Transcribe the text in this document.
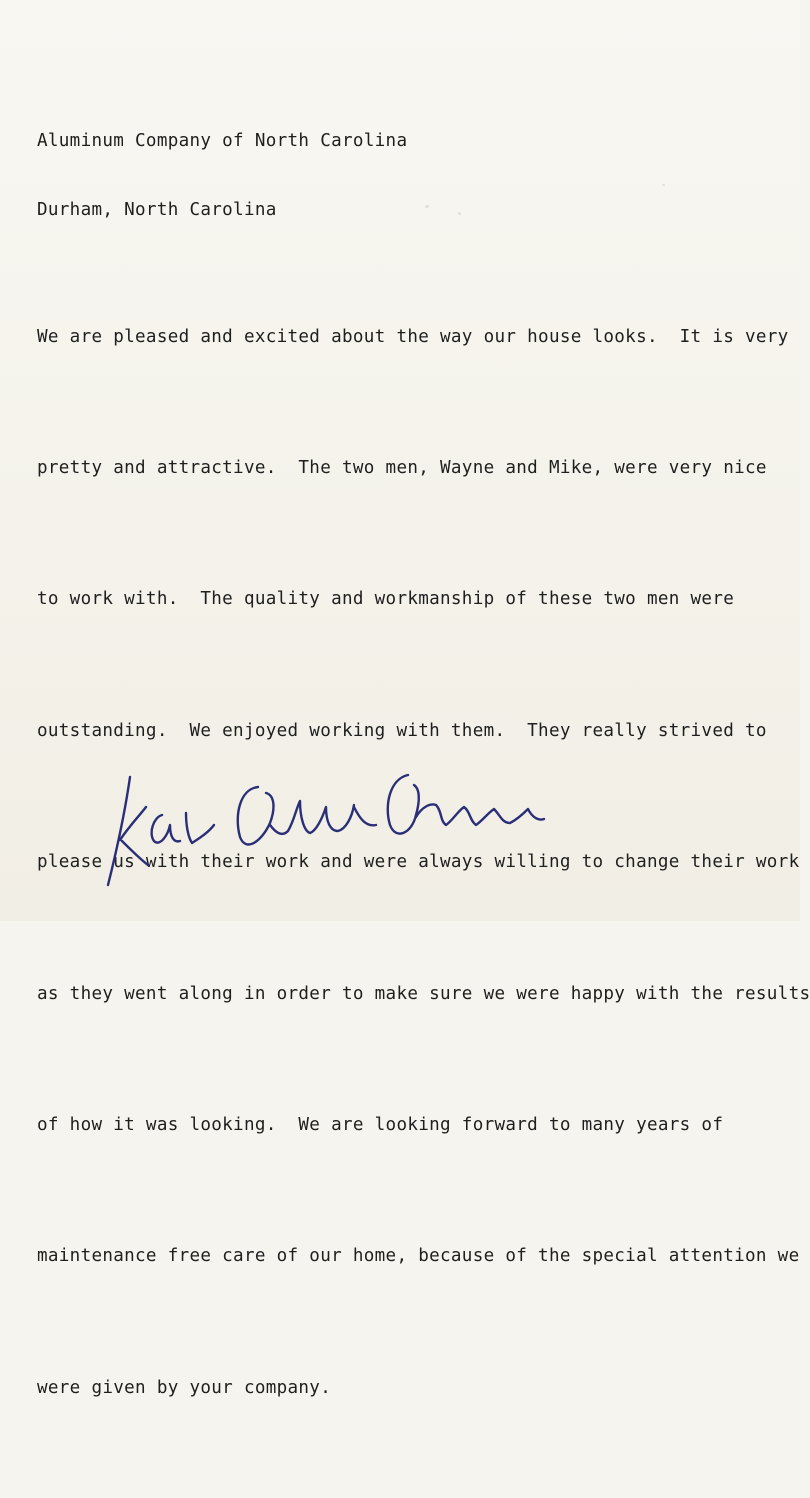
Aluminum Company of North Carolina

Durham, North Carolina

We are pleased and excited about the way our house looks.  It is very

pretty and attractive.  The two men, Wayne and Mike, were very nice

to work with.  The quality and workmanship of these two men were

outstanding.  We enjoyed working with them.  They really strived to

please us with their work and were always willing to change their work

as they went along in order to make sure we were happy with the results

of how it was looking.  We are looking forward to many years of

maintenance free care of our home, because of the special attention we

were given by your company.
